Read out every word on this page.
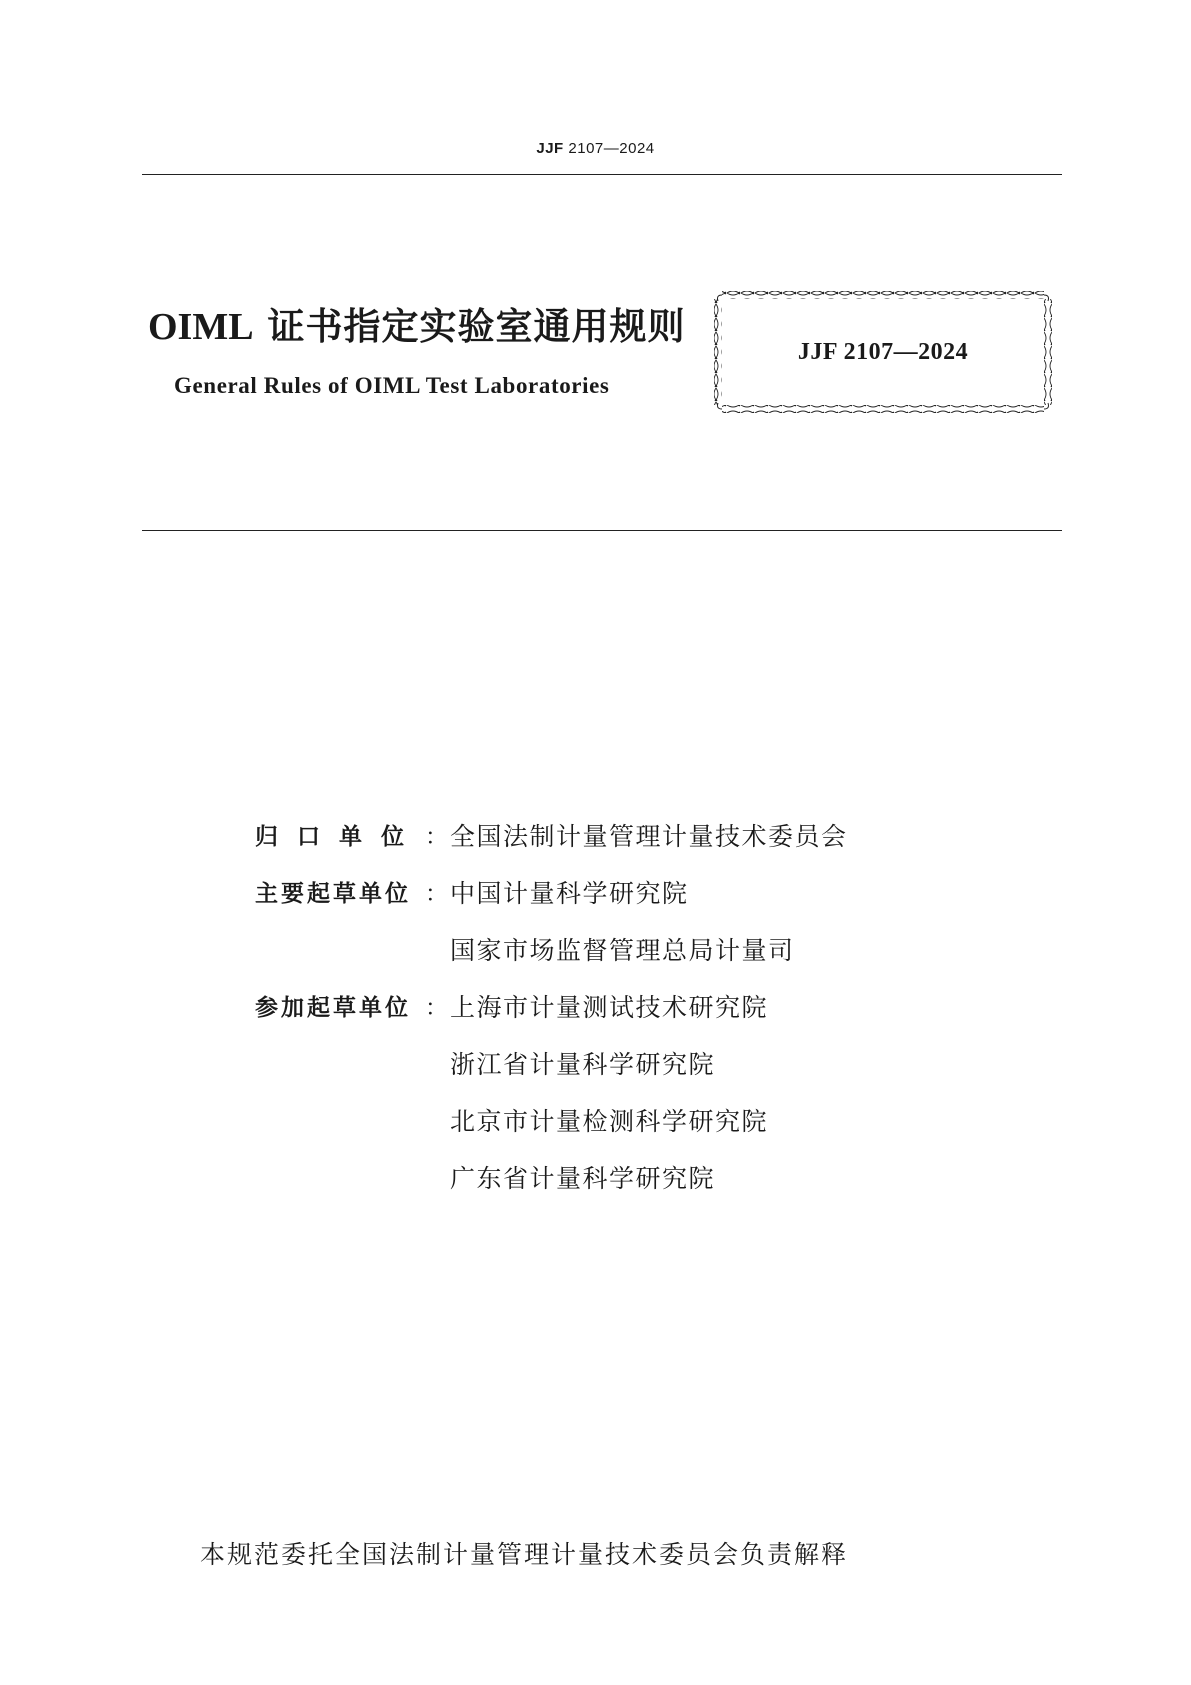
JJF 2107—2024
OIML 证书指定实验室通用规则
General Rules of OIML Test Laboratories
JJF 2107—2024
归口单位 ： 全国法制计量管理计量技术委员会
主要起草单位 ： 中国计量科学研究院
国家市场监督管理总局计量司
参加起草单位 ： 上海市计量测试技术研究院
浙江省计量科学研究院
北京市计量检测科学研究院
广东省计量科学研究院
本规范委托全国法制计量管理计量技术委员会负责解释
